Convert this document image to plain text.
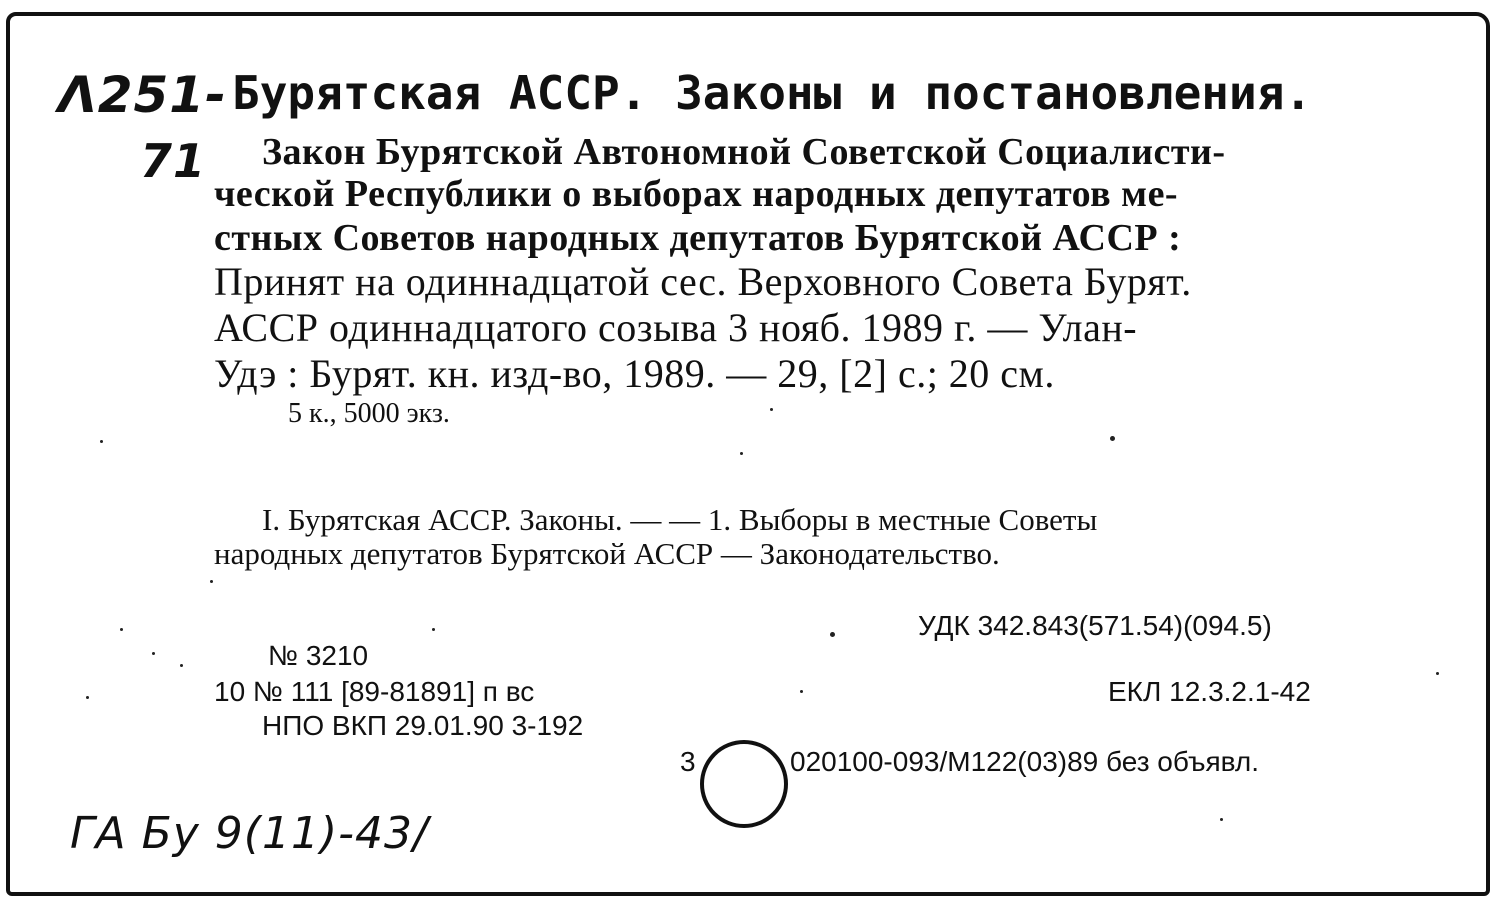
Λ251-
71
Бурятская АССР. Законы и постановления.
Закон Бурятской Автономной Советской Социалисти-
ческой Республики о выборах народных депутатов ме-
стных Советов народных депутатов Бурятской АССР :
Принят на одиннадцатой сес. Верховного Совета Бурят.
АССР одиннадцатого созыва 3 нояб. 1989 г. — Улан-
Удэ : Бурят. кн. изд-во, 1989. — 29, [2] с.; 20 см.
5 к., 5000 экз.
I. Бурятская АССР. Законы. — — 1. Выборы в местные Советы
народных депутатов Бурятской АССР — Законодательство.
УДК 342.843(571.54)(094.5)
№ 3210
10 № 111 [89-81891] п вс	ЕКЛ 12.3.2.1-42
НПО ВКП 29.01.90 3-192
3	020100-093/М122(03)89 без объявл.
ГА Бу 9(11)-43/
